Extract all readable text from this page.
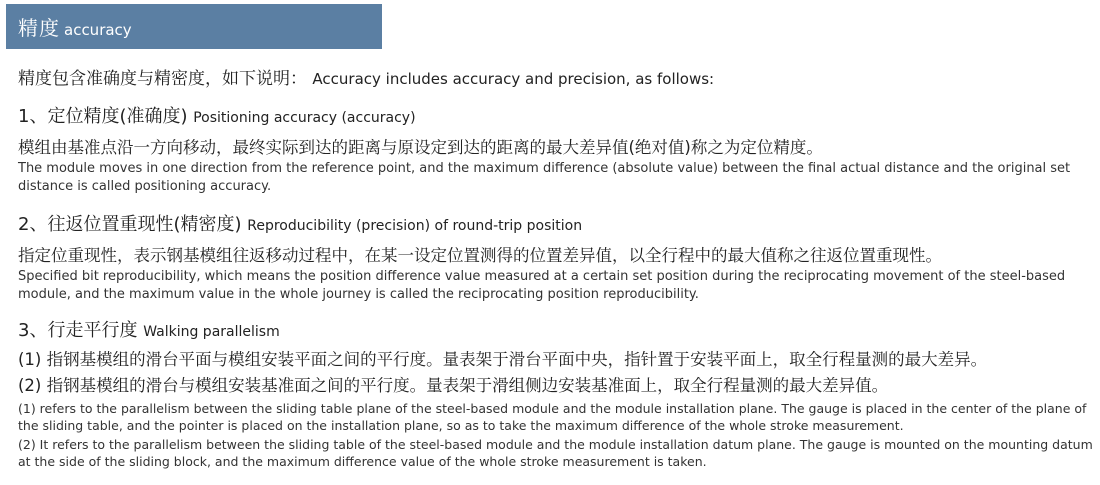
精度 accuracy
精度包含准确度与精密度，如下说明： Accuracy includes accuracy and precision, as follows:
1、定位精度(准确度) Positioning accuracy (accuracy)
模组由基准点沿一方向移动，最终实际到达的距离与原设定到达的距离的最大差异值(绝对值)称之为定位精度。
The module moves in one direction from the reference point, and the maximum difference (absolute value) between the final actual distance and the original set distance is called positioning accuracy.
2、往返位置重现性(精密度) Reproducibility (precision) of round-trip position
指定位重现性，表示钢基模组往返移动过程中，在某一设定位置测得的位置差异值，以全行程中的最大值称之往返位置重现性。
Specified bit reproducibility, which means the position difference value measured at a certain set position during the reciprocating movement of the steel-based module, and the maximum value in the whole journey is called the reciprocating position reproducibility.
3、行走平行度 Walking parallelism
(1) 指钢基模组的滑台平面与模组安装平面之间的平行度。量表架于滑台平面中央，指针置于安装平面上，取全行程量测的最大差异。
(2) 指钢基模组的滑台与模组安装基准面之间的平行度。量表架于滑组侧边安装基准面上，取全行程量测的最大差异值。
(1) refers to the parallelism between the sliding table plane of the steel-based module and the module installation plane. The gauge is placed in the center of the plane of the sliding table, and the pointer is placed on the installation plane, so as to take the maximum difference of the whole stroke measurement.
(2) It refers to the parallelism between the sliding table of the steel-based module and the module installation datum plane. The gauge is mounted on the mounting datum at the side of the sliding block, and the maximum difference value of the whole stroke measurement is taken.
